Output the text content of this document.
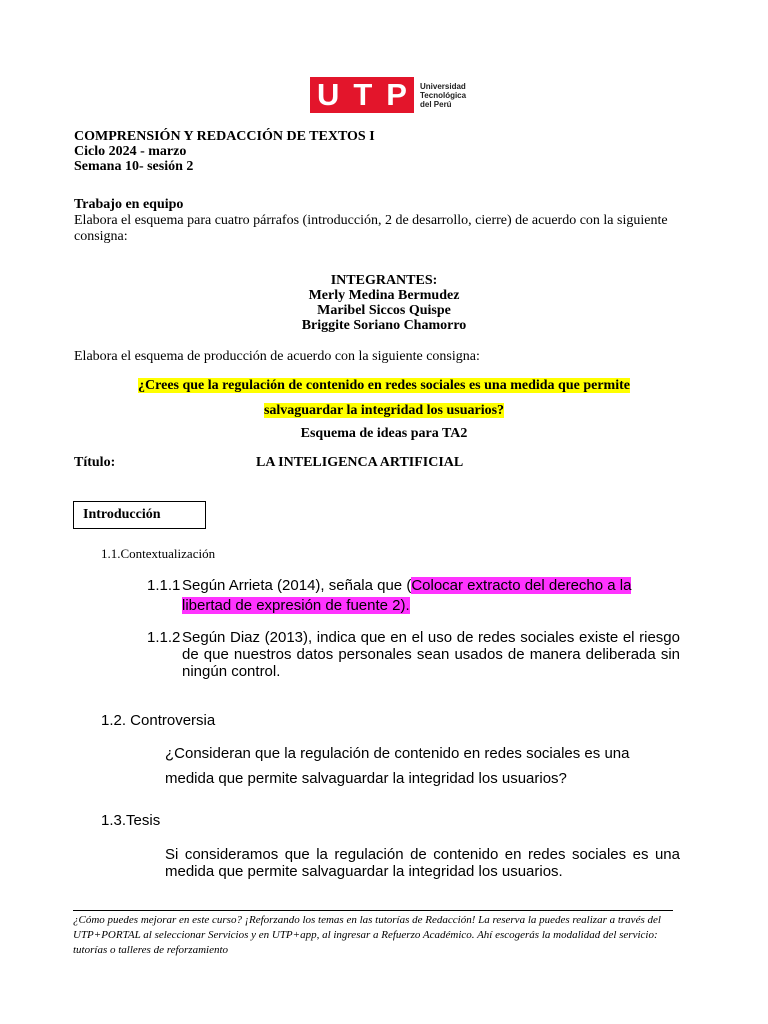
U T P Universidad
Tecnológica
del Perú
COMPRENSIÓN Y REDACCIÓN DE TEXTOS I
Ciclo 2024 - marzo
Semana 10- sesión 2
Trabajo en equipo
Elabora el esquema para cuatro párrafos (introducción, 2 de desarrollo, cierre) de acuerdo con la siguiente consigna:
INTEGRANTES:
Merly Medina Bermudez
Maribel Siccos Quispe
Briggite Soriano Chamorro
Elabora el esquema de producción de acuerdo con la siguiente consigna:
¿Crees que la regulación de contenido en redes sociales es una medida que permite
salvaguardar la integridad los usuarios?
Esquema de ideas para TA2
Título:	LA INTELIGENCA ARTIFICIAL
Introducción
1.1.Contextualización
1.1.1 Según Arrieta (2014), señala que (Colocar extracto del derecho a la
libertad de expresión de fuente 2).
1.1.2 Según Diaz (2013), indica que en el uso de redes sociales existe el riesgo de que nuestros datos personales sean usados de manera deliberada sin ningún control.
1.2. Controversia
¿Consideran que la regulación de contenido en redes sociales es una
medida que permite salvaguardar la integridad los usuarios?
1.3.Tesis
Si consideramos que la regulación de contenido en redes sociales es una medida que permite salvaguardar la integridad los usuarios.
¿Cómo puedes mejorar en este curso? ¡Reforzando los temas en las tutorías de Redacción! La reserva la puedes realizar a través del UTP+PORTAL al seleccionar Servicios y en UTP+app, al ingresar a Refuerzo Académico. Ahí escogerás la modalidad del servicio: tutorías o talleres de reforzamiento
